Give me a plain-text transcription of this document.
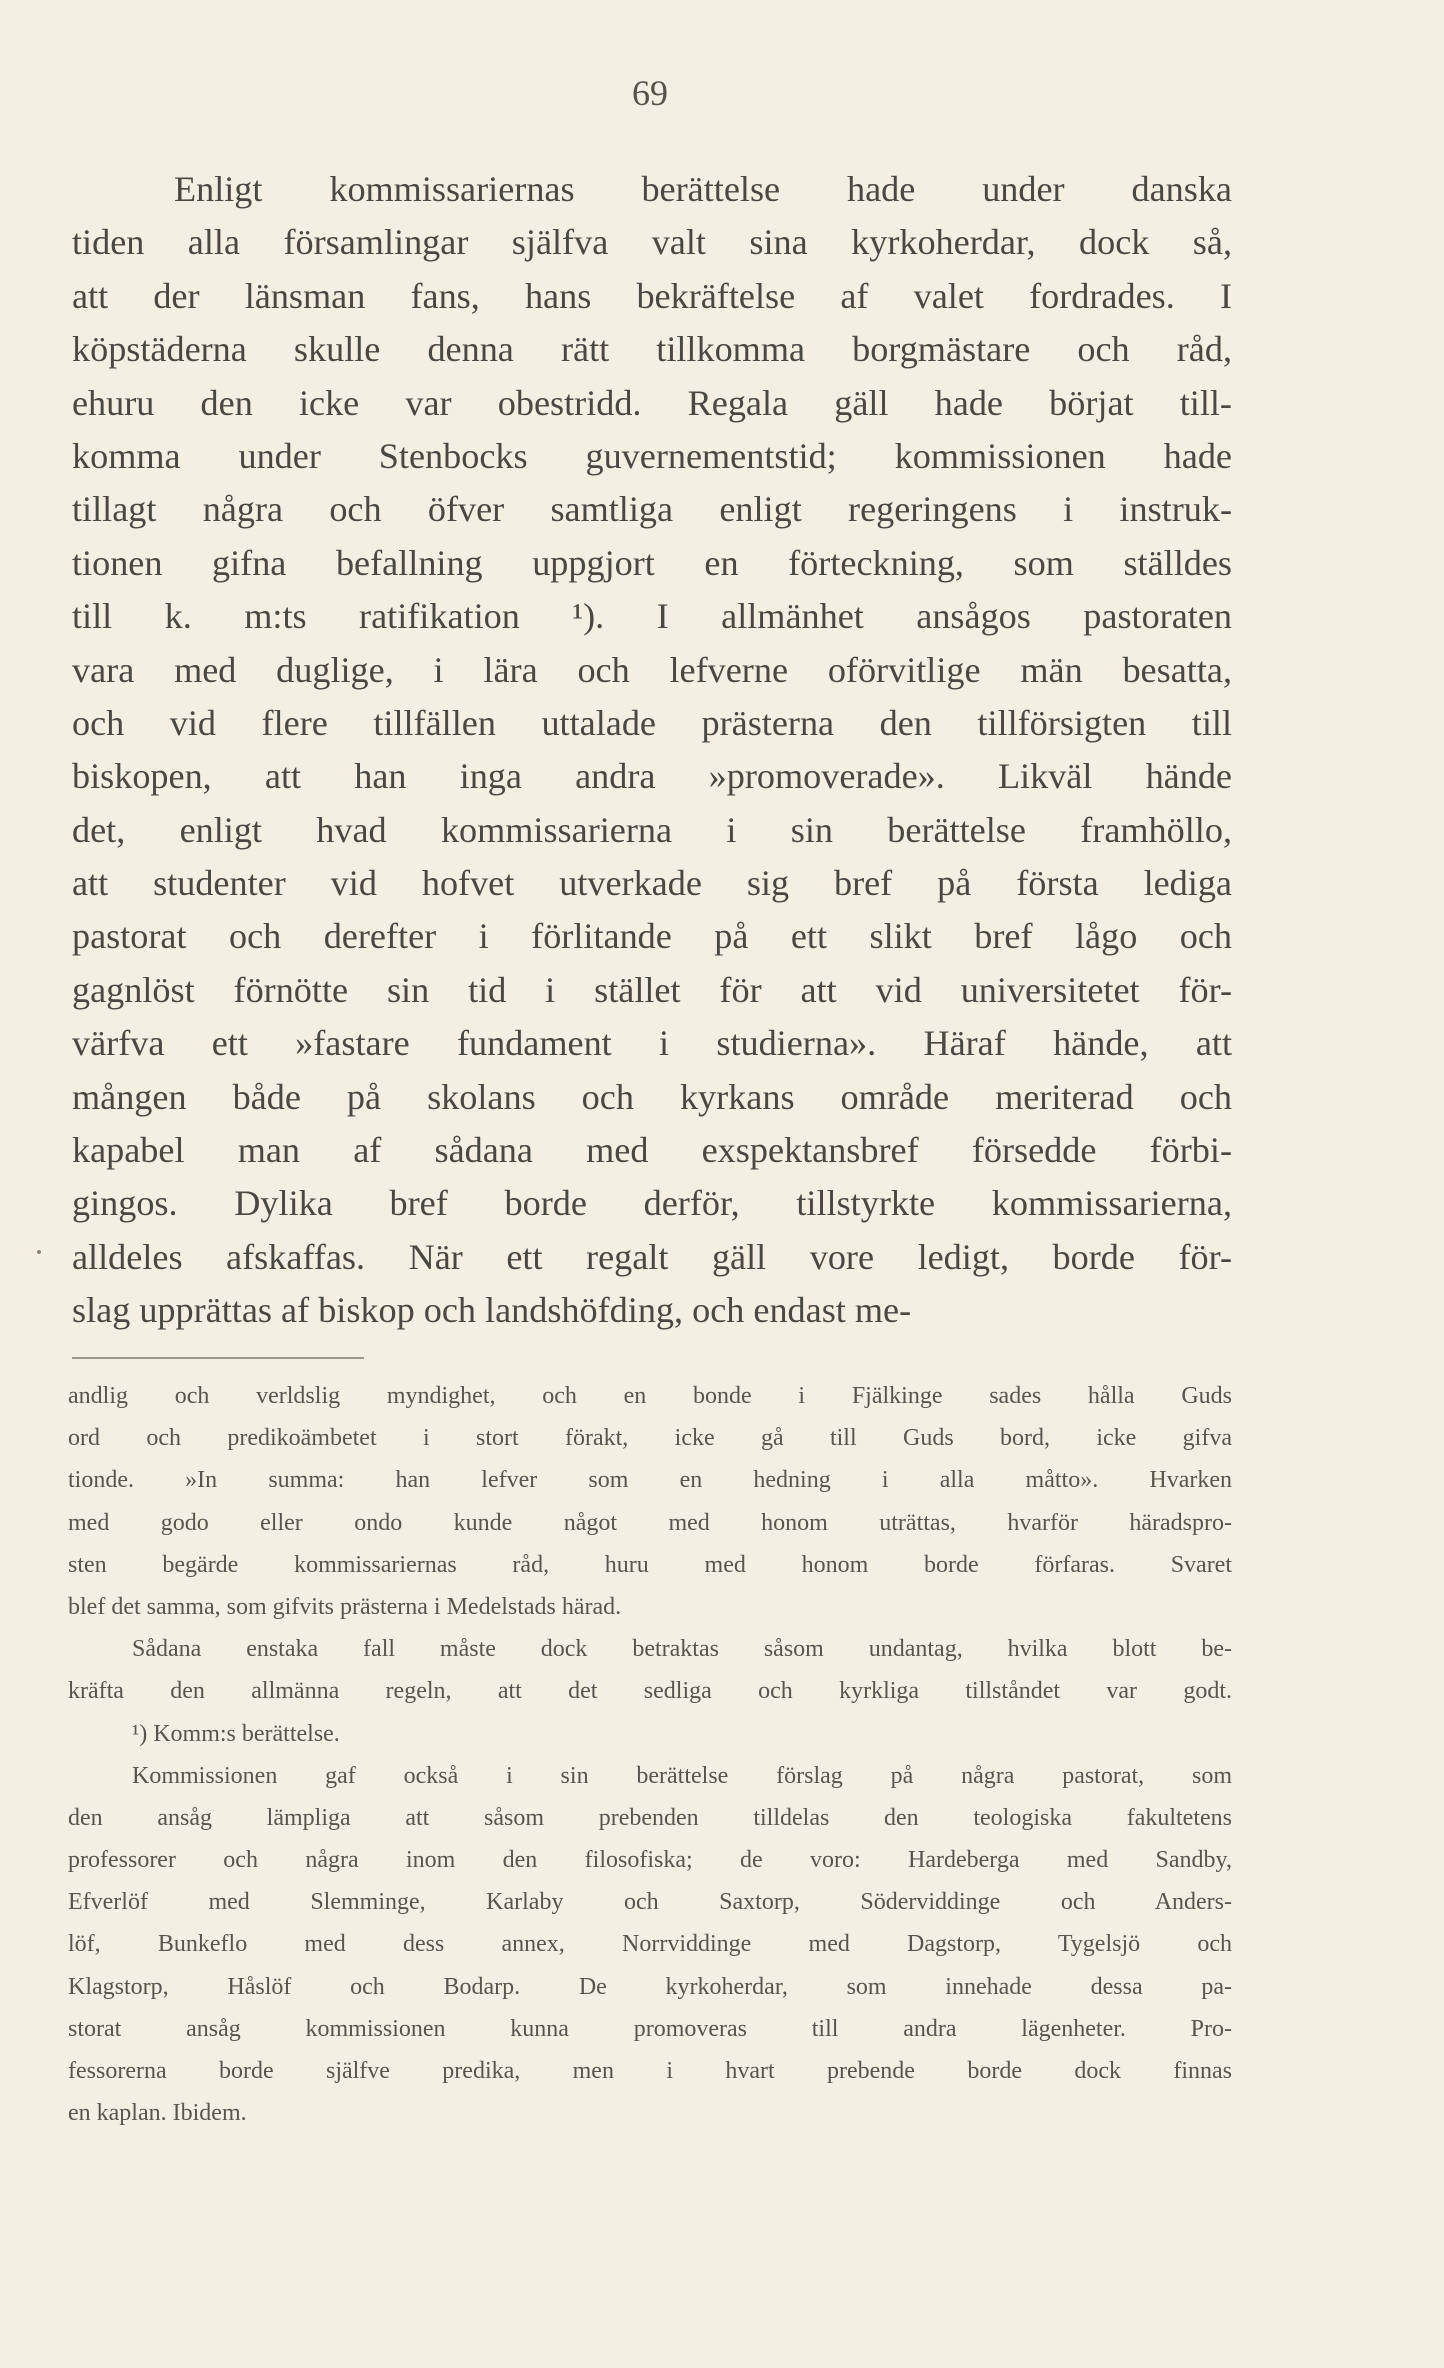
69
Enligt kommissariernas berättelse hade under danska
tiden alla församlingar själfva valt sina kyrkoherdar, dock så,
att der länsman fans, hans bekräftelse af valet fordrades. I
köpstäderna skulle denna rätt tillkomma borgmästare och råd,
ehuru den icke var obestridd. Regala gäll hade börjat till-
komma under Stenbocks guvernementstid; kommissionen hade
tillagt några och öfver samtliga enligt regeringens i instruk-
tionen gifna befallning uppgjort en förteckning, som ställdes
till k. m:ts ratifikation ¹). I allmänhet ansågos pastoraten
vara med duglige, i lära och lefverne oförvitlige män besatta,
och vid flere tillfällen uttalade prästerna den tillförsigten till
biskopen, att han inga andra »promoverade». Likväl hände
det, enligt hvad kommissarierna i sin berättelse framhöllo,
att studenter vid hofvet utverkade sig bref på första lediga
pastorat och derefter i förlitande på ett slikt bref lågo och
gagnlöst förnötte sin tid i stället för att vid universitetet för-
värfva ett »fastare fundament i studierna». Häraf hände, att
mången både på skolans och kyrkans område meriterad och
kapabel man af sådana med exspektansbref försedde förbi-
gingos. Dylika bref borde derför, tillstyrkte kommissarierna,
alldeles afskaffas. När ett regalt gäll vore ledigt, borde för-
slag upprättas af biskop och landshöfding, och endast me-
andlig och verldslig myndighet, och en bonde i Fjälkinge sades hålla Guds
ord och predikoämbetet i stort förakt, icke gå till Guds bord, icke gifva
tionde. »In summa: han lefver som en hedning i alla måtto». Hvarken
med godo eller ondo kunde något med honom uträttas, hvarför häradspro-
sten begärde kommissariernas råd, huru med honom borde förfaras. Svaret
blef det samma, som gifvits prästerna i Medelstads härad.
Sådana enstaka fall måste dock betraktas såsom undantag, hvilka blott be-
kräfta den allmänna regeln, att det sedliga och kyrkliga tillståndet var godt.
¹) Komm:s berättelse.
Kommissionen gaf också i sin berättelse förslag på några pastorat, som
den ansåg lämpliga att såsom prebenden tilldelas den teologiska fakultetens
professorer och några inom den filosofiska; de voro: Hardeberga med Sandby,
Efverlöf med Slemminge, Karlaby och Saxtorp, Söderviddinge och Anders-
löf, Bunkeflo med dess annex, Norrviddinge med Dagstorp, Tygelsjö och
Klagstorp, Håslöf och Bodarp. De kyrkoherdar, som innehade dessa pa-
storat ansåg kommissionen kunna promoveras till andra lägenheter. Pro-
fessorerna borde själfve predika, men i hvart prebende borde dock finnas
en kaplan. Ibidem.
